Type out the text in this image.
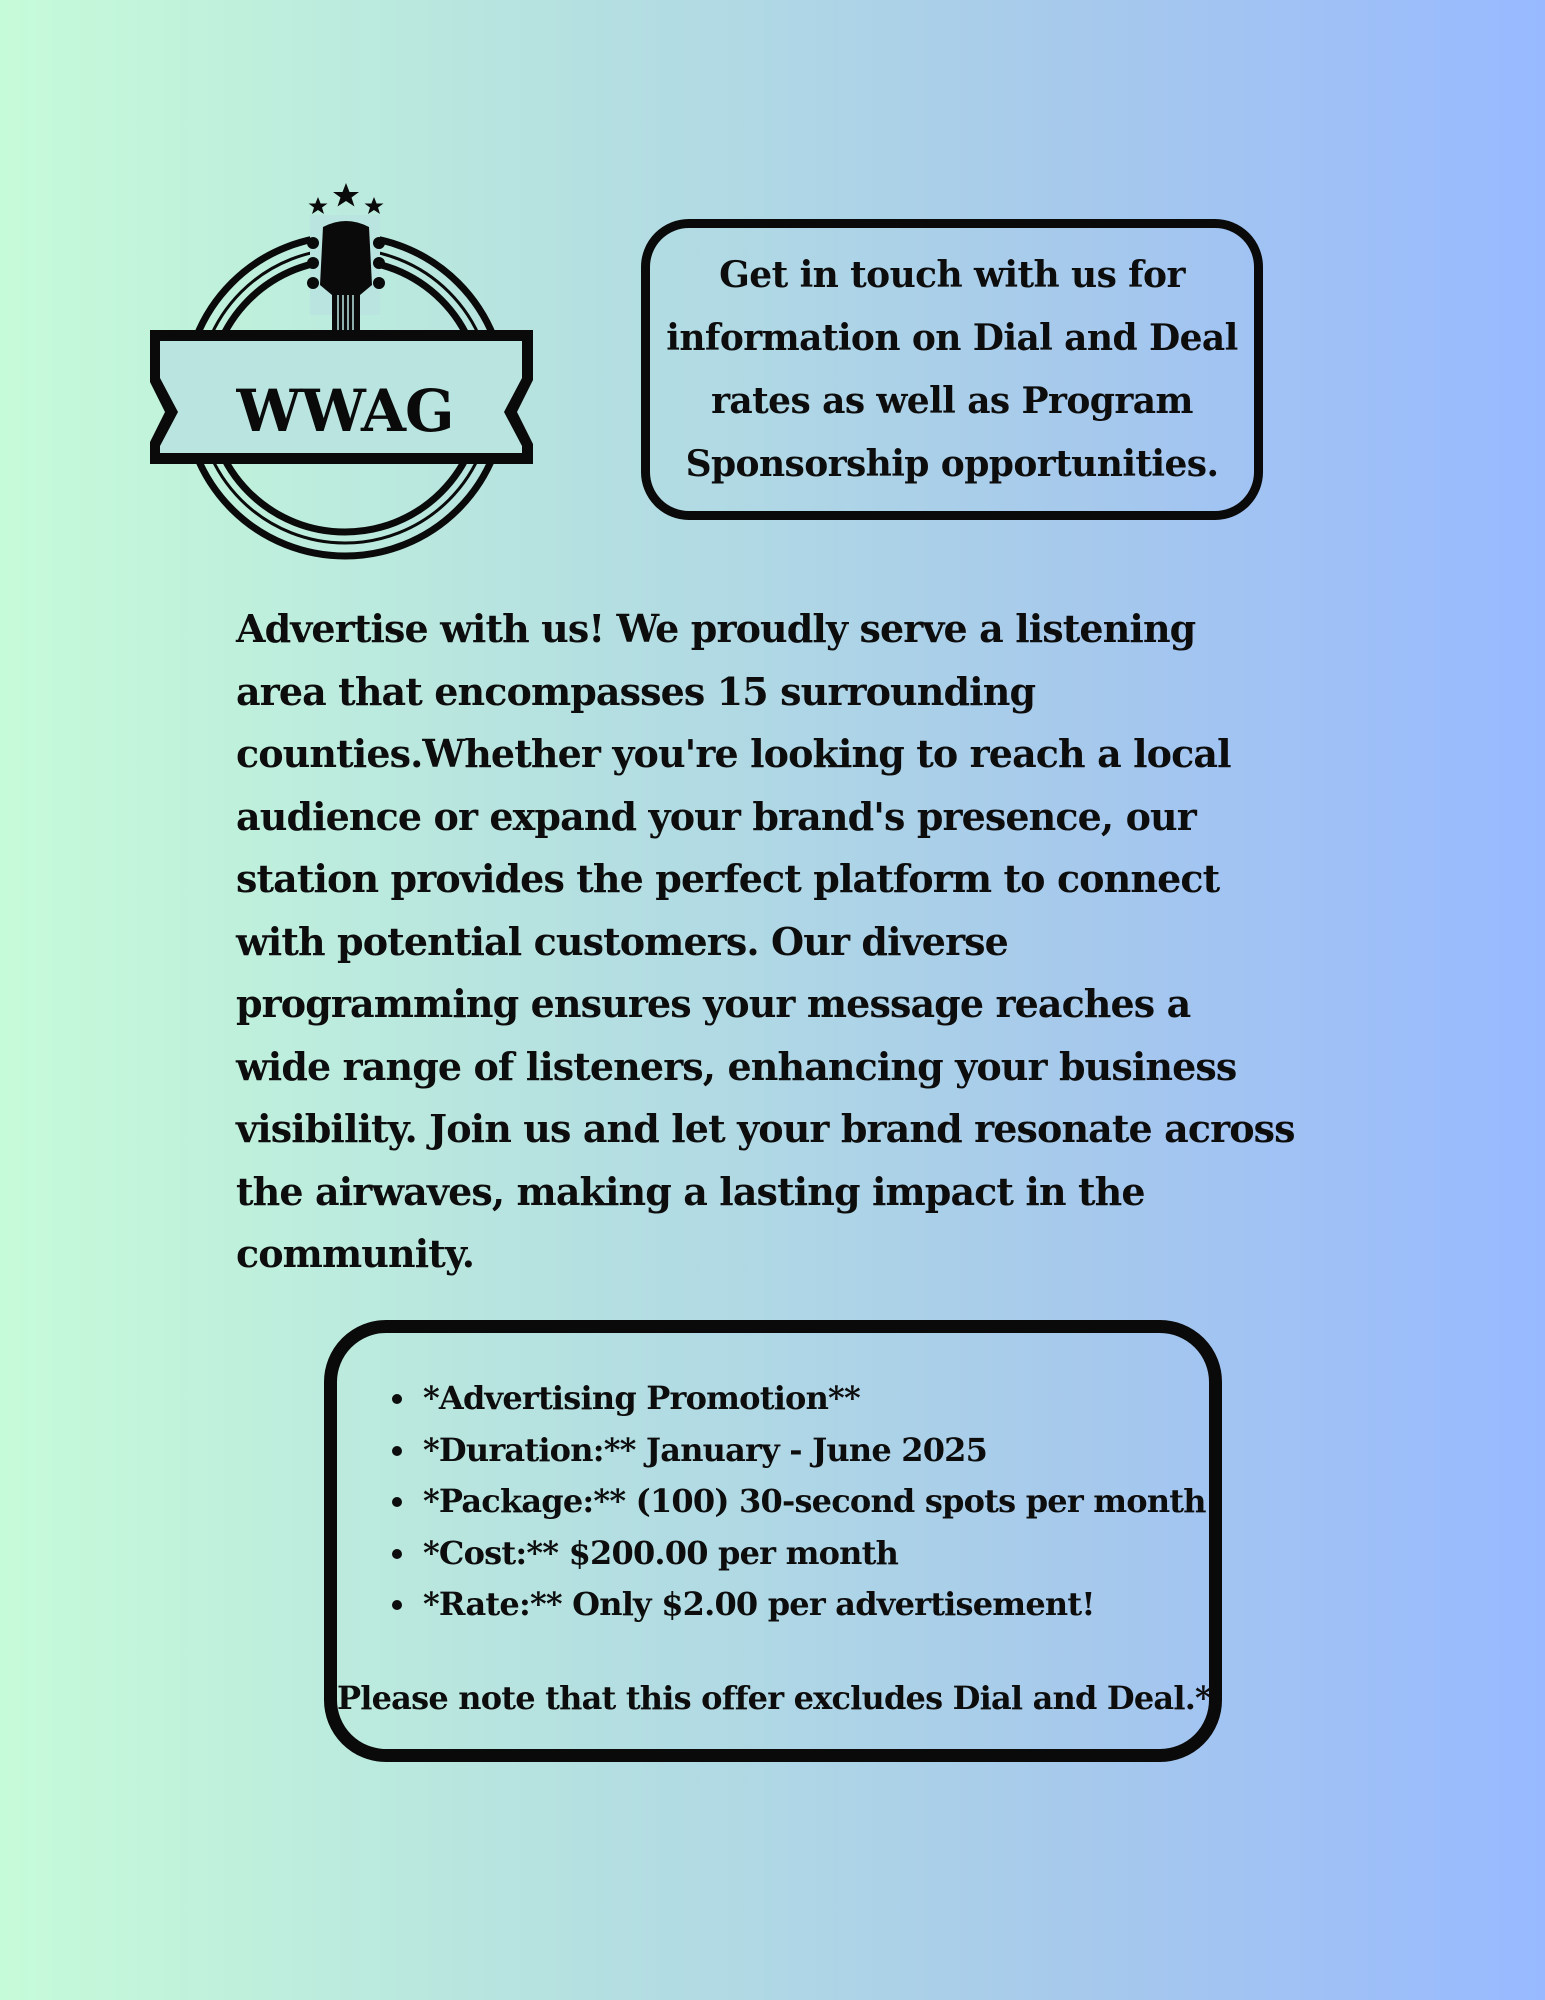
WWAG
Get in touch with us for
information on Dial and Deal
rates as well as Program
Sponsorship opportunities.

Advertise with us! We proudly serve a listening area that encompasses 15 surrounding counties.Whether you're looking to reach a local audience or expand your brand's presence, our station provides the perfect platform to connect with potential customers. Our diverse programming ensures your message reaches a wide range of listeners, enhancing your business visibility. Join us and let your brand resonate across the airwaves, making a lasting impact in the community.

• *Advertising Promotion**
• *Duration:** January - June 2025
• *Package:** (100) 30-second spots per month
• *Cost:** $200.00 per month
• *Rate:** Only $2.00 per advertisement!

Please note that this offer excludes Dial and Deal.*
